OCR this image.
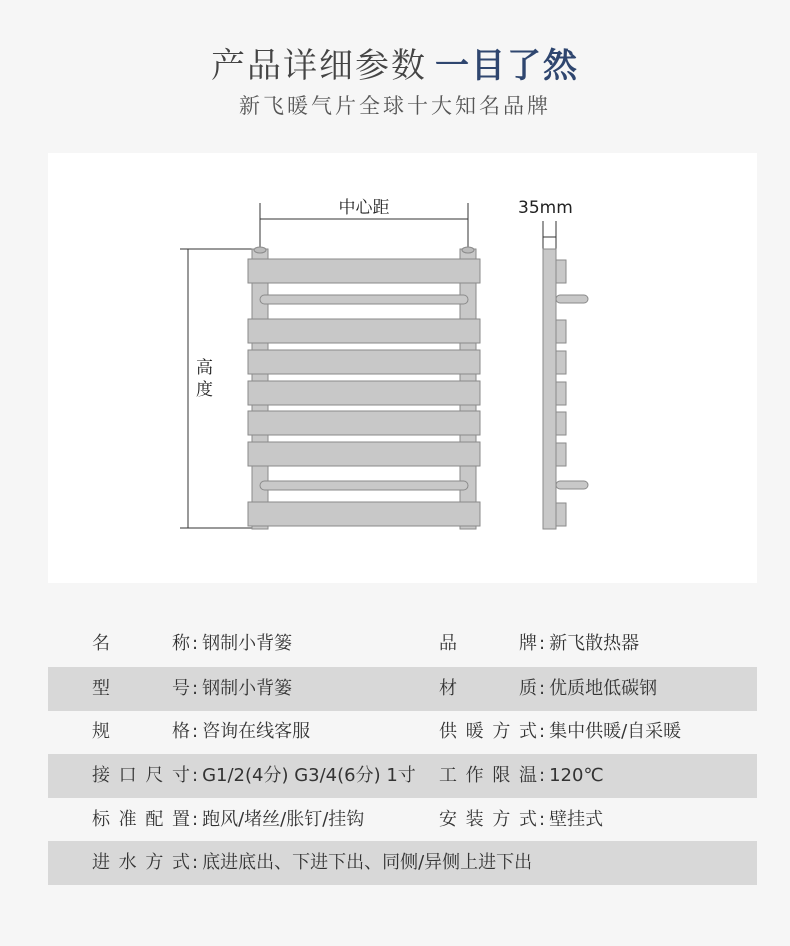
产品详细参数 一目了然
新飞暖气片全球十大知名品牌
中心距
高度
35mm
名　称 : 钢制小背篓	品　牌 : 新飞散热器
型　号 : 钢制小背篓	材　质 : 优质地低碳钢
规　格 : 咨询在线客服	供暖方式 : 集中供暖/自采暖
接口尺寸 : G1/2(4分) G3/4(6分) 1寸 工作限温 : 120℃
标准配置 : 跑风/堵丝/胀钉/挂钩	安装方式 : 壁挂式
进水方式 : 底进底出、下进下出、同侧/异侧上进下出
